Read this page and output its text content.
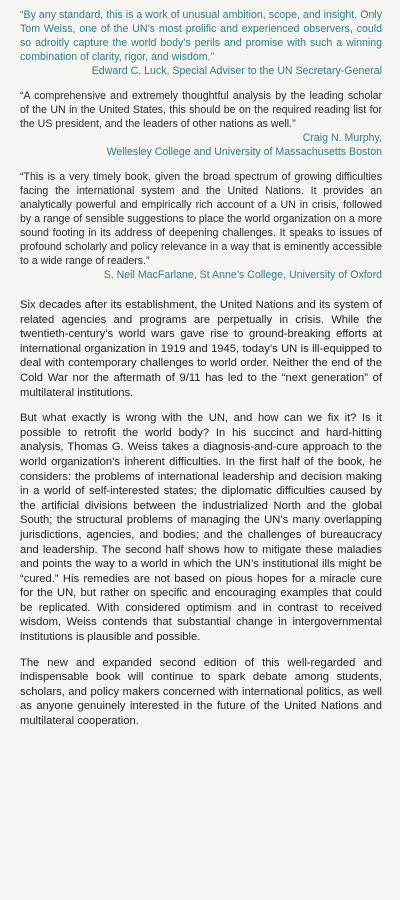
“By any standard, this is a work of unusual ambition, scope, and insight. Only Tom Weiss, one of the UN’s most prolific and experienced observers, could so adroitly capture the world body’s perils and promise with such a winning combination of clarity, rigor, and wisdom.”

Edward C. Luck, Special Adviser to the UN Secretary-General

“A comprehensive and extremely thoughtful analysis by the leading scholar of the UN in the United States, this should be on the required reading list for the US president, and the leaders of other nations as well.”

Craig N. Murphy,

Wellesley College and University of Massachusetts Boston

“This is a very timely book, given the broad spectrum of growing difficulties facing the international system and the United Nations. It provides an analytically powerful and empirically rich account of a UN in crisis, followed by a range of sensible suggestions to place the world organization on a more sound footing in its address of deepening challenges. It speaks to issues of profound scholarly and policy relevance in a way that is eminently accessible to a wide range of readers.”

S. Neil MacFarlane, St Anne’s College, University of Oxford

Six decades after its establishment, the United Nations and its system of related agencies and programs are perpetually in crisis. While the twentieth-century’s world wars gave rise to ground-breaking efforts at international organization in 1919 and 1945, today’s UN is ill-equipped to deal with contemporary challenges to world order. Neither the end of the Cold War nor the aftermath of 9/11 has led to the “next generation” of multilateral institutions.

But what exactly is wrong with the UN, and how can we fix it? Is it possible to retrofit the world body? In his succinct and hard-hitting analysis, Thomas G. Weiss takes a diagnosis-and-cure approach to the world organization’s inherent difficulties. In the first half of the book, he considers: the problems of international leadership and decision making in a world of self-interested states; the diplomatic difficulties caused by the artificial divisions between the industrialized North and the global South; the structural problems of managing the UN’s many overlapping jurisdictions, agencies, and bodies; and the challenges of bureaucracy and leadership. The second half shows how to mitigate these maladies and points the way to a world in which the UN’s institutional ills might be “cured.” His remedies are not based on pious hopes for a miracle cure for the UN, but rather on specific and encouraging examples that could be replicated. With considered optimism and in contrast to received wisdom, Weiss contends that substantial change in intergovernmental institutions is plausible and possible.

The new and expanded second edition of this well-regarded and indispensable book will continue to spark debate among students, scholars, and policy makers concerned with international politics, as well as anyone genuinely interested in the future of the United Nations and multilateral cooperation.
